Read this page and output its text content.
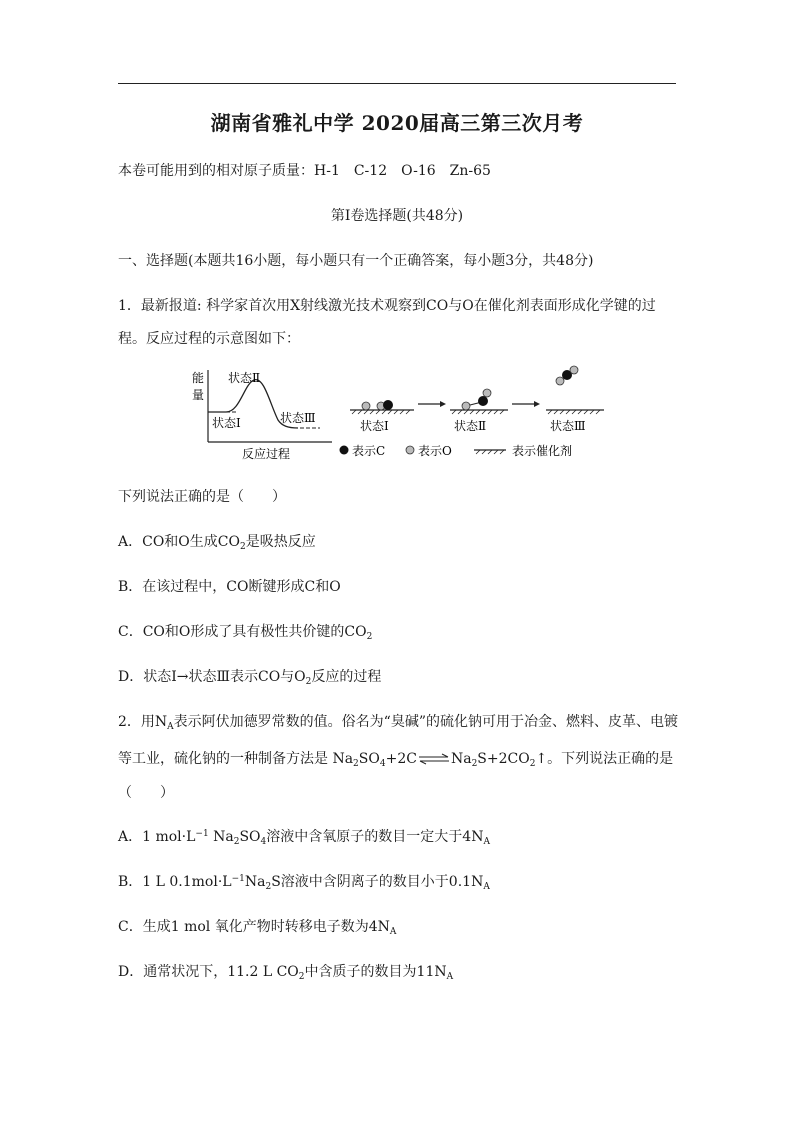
湖南省雅礼中学 2020届高三第三次月考
本卷可能用到的相对原子质量：H-1　C-12　O-16　Zn-65
第Ⅰ卷选择题(共48分)
一、选择题(本题共16小题，每小题只有一个正确答案，每小题3分，共48分)
1．最新报道: 科学家首次用X射线激光技术观察到CO与O在催化剂表面形成化学键的过
程。反应过程的示意图如下：
能
量
状态Ⅱ
状态Ⅰ	状态Ⅲ
反应过程
状态Ⅰ	状态Ⅱ	状态Ⅲ
表示C	表示O	表示催化剂
下列说法正确的是（　　）
A．CO和O生成$CO_2$是吸热反应
B．在该过程中，CO断键形成C和O
C．CO和O形成了具有极性共价键的$CO_2$
D．状态Ⅰ→状态Ⅲ表示CO与$O_2$反应的过程
2．用$N_A$表示阿伏加德罗常数的值。俗名为“臭碱”的硫化钠可用于冶金、燃料、皮革、电镀
等工业，硫化钠的一种制备方法是 $Na_2SO_4+2C\rightleftharpoons Na_2S+2CO_2↑$。下列说法正确的是
（　　）
A．1 $mol\cdot L^{-1}$ $Na_2SO_4$溶液中含氧原子的数目一定大于$4N_A$
B．1 L $0.1mol\cdot L^{-1}Na_2S$溶液中含阴离子的数目小于$0.1N_A$
C．生成1 mol 氧化产物时转移电子数为$4N_A$
D．通常状况下，11.2 L $CO_2$中含质子的数目为$11N_A$
